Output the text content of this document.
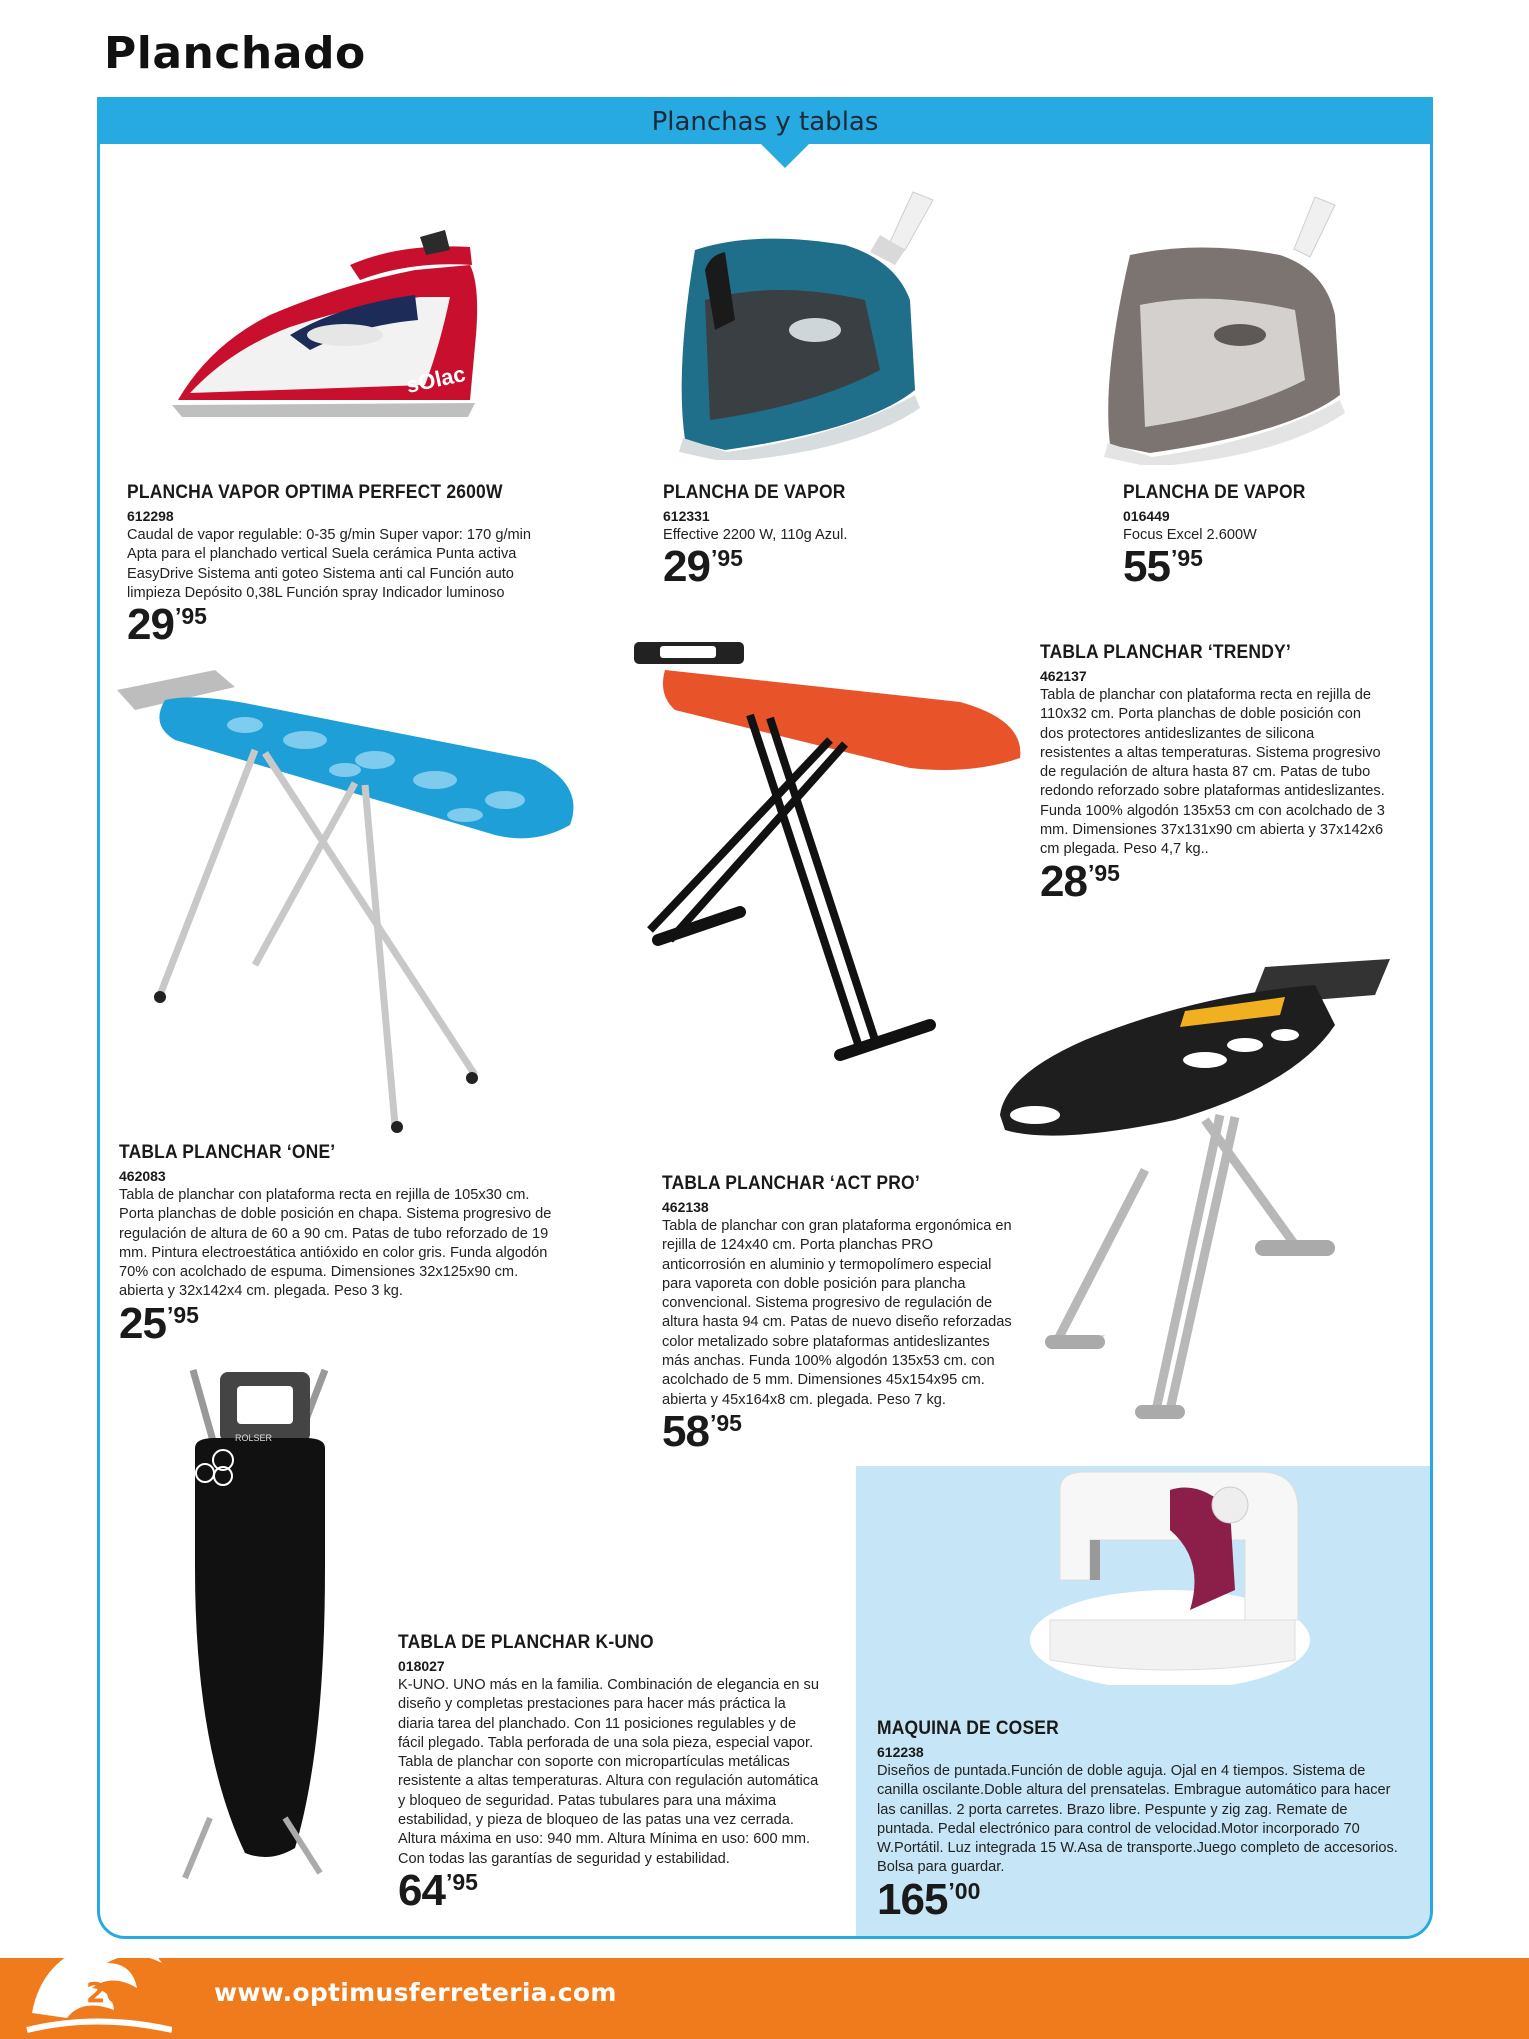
Planchado
Planchas y tablas
sOlac
ROLSER
PLANCHA VAPOR OPTIMA PERFECT 2600W
612298
Caudal de vapor regulable: 0-35 g/min Super vapor: 170 g/min Apta para el planchado vertical Suela cerámica Punta activa EasyDrive Sistema anti goteo Sistema anti cal Función auto limpieza Depósito 0,38L Función spray Indicador luminoso
29 ’95
PLANCHA DE VAPOR
612331
Effective 2200 W, 110g Azul.
29 ’95
PLANCHA DE VAPOR
016449
Focus Excel 2.600W
55 ’95
TABLA PLANCHAR ‘TRENDY’
462137
Tabla de planchar con plataforma recta en rejilla de 110x32 cm. Porta planchas de doble posición con dos protectores antideslizantes de silicona resistentes a altas temperaturas. Sistema progresivo de regulación de altura hasta 87 cm. Patas de tubo redondo reforzado sobre plataformas antideslizantes. Funda 100% algodón 135x53 cm con acolchado de 3 mm. Dimensiones 37x131x90 cm abierta y 37x142x6 cm plegada. Peso 4,7 kg..
28 ’95
TABLA PLANCHAR ‘ONE’
462083
Tabla de planchar con plataforma recta en rejilla de 105x30 cm. Porta planchas de doble posición en chapa. Sistema progresivo de regulación de altura de 60 a 90 cm. Patas de tubo reforzado de 19 mm. Pintura electroestática antióxido en color gris. Funda algodón 70% con acolchado de espuma. Dimensiones 32x125x90 cm. abierta y 32x142x4 cm. plegada. Peso 3 kg.
25 ’95
TABLA PLANCHAR ‘ACT PRO’
462138
Tabla de planchar con gran plataforma ergonómica en rejilla de 124x40 cm. Porta planchas PRO anticorrosión en aluminio y termopolímero especial para vaporeta con doble posición para plancha convencional. Sistema progresivo de regulación de altura hasta 94 cm. Patas de nuevo diseño reforzadas color metalizado sobre plataformas antideslizantes más anchas. Funda 100% algodón 135x53 cm. con acolchado de 5 mm. Dimensiones 45x154x95 cm. abierta y 45x164x8 cm. plegada. Peso 7 kg.
58 ’95
TABLA DE PLANCHAR K-UNO
018027
K-UNO. UNO más en la familia. Combinación de elegancia en su diseño y completas prestaciones para hacer más práctica la diaria tarea del planchado. Con 11 posiciones regulables y de fácil plegado. Tabla perforada de una sola pieza, especial vapor. Tabla de planchar con soporte con micropartículas metálicas resistente a altas temperaturas. Altura con regulación automática y bloqueo de seguridad. Patas tubulares para una máxima estabilidad, y pieza de bloqueo de las patas una vez cerrada. Altura máxima en uso: 940 mm. Altura Mínima en uso: 600 mm. Con todas las garantías de seguridad y estabilidad.
64 ’95
MAQUINA DE COSER
612238
Diseños de puntada.Función de doble aguja. Ojal en 4 tiempos. Sistema de canilla oscilante.Doble altura del prensatelas. Embrague automático para hacer las canillas. 2 porta carretes. Brazo libre. Pespunte y zig zag. Remate de puntada. Pedal electrónico para control de velocidad.Motor incorporado 70 W.Portátil. Luz integrada 15 W.Asa de transporte.Juego completo de accesorios. Bolsa para guardar.
165 ’00
26	www.optimusferreteria.com
